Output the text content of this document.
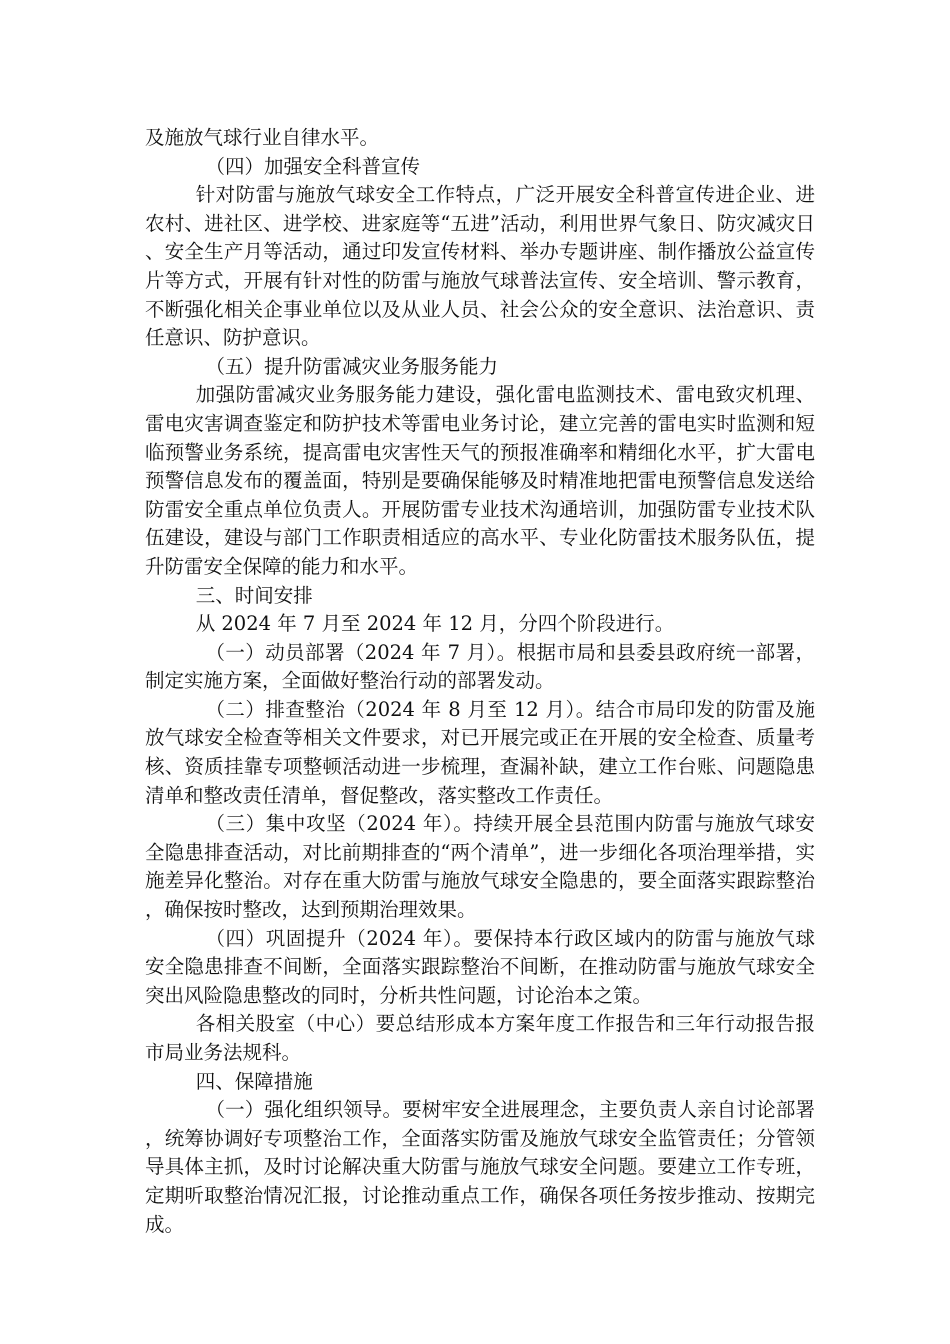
及施放气球行业自律水平。

（四）加强安全科普宣传

针对防雷与施放气球安全工作特点，广泛开展安全科普宣传进企业、进农村、进社区、进学校、进家庭等“五进”活动，利用世界气象日、防灾减灾日、安全生产月等活动，通过印发宣传材料、举办专题讲座、制作播放公益宣传片等方式，开展有针对性的防雷与施放气球普法宣传、安全培训、警示教育，不断强化相关企事业单位以及从业人员、社会公众的安全意识、法治意识、责任意识、防护意识。

（五）提升防雷减灾业务服务能力

加强防雷减灾业务服务能力建设，强化雷电监测技术、雷电致灾机理、雷电灾害调查鉴定和防护技术等雷电业务讨论，建立完善的雷电实时监测和短临预警业务系统，提高雷电灾害性天气的预报准确率和精细化水平，扩大雷电预警信息发布的覆盖面，特别是要确保能够及时精准地把雷电预警信息发送给防雷安全重点单位负责人。开展防雷专业技术沟通培训，加强防雷专业技术队伍建设，建设与部门工作职责相适应的高水平、专业化防雷技术服务队伍，提升防雷安全保障的能力和水平。

三、时间安排

从 2024 年 7 月至 2024 年 12 月，分四个阶段进行。

（一）动员部署（2024 年 7 月）。根据市局和县委县政府统一部署，制定实施方案，全面做好整治行动的部署发动。

（二）排查整治（2024 年 8 月至 12 月）。结合市局印发的防雷及施放气球安全检查等相关文件要求，对已开展完或正在开展的安全检查、质量考核、资质挂靠专项整顿活动进一步梳理，查漏补缺，建立工作台账、问题隐患清单和整改责任清单，督促整改，落实整改工作责任。

（三）集中攻坚（2024 年）。持续开展全县范围内防雷与施放气球安全隐患排查活动，对比前期排查的“两个清单”，进一步细化各项治理举措，实施差异化整治。对存在重大防雷与施放气球安全隐患的，要全面落实跟踪整治，确保按时整改，达到预期治理效果。

（四）巩固提升（2024 年）。要保持本行政区域内的防雷与施放气球安全隐患排查不间断，全面落实跟踪整治不间断，在推动防雷与施放气球安全突出风险隐患整改的同时，分析共性问题，讨论治本之策。

各相关股室（中心）要总结形成本方案年度工作报告和三年行动报告报市局业务法规科。

四、保障措施

（一）强化组织领导。要树牢安全进展理念，主要负责人亲自讨论部署，统筹协调好专项整治工作，全面落实防雷及施放气球安全监管责任；分管领导具体主抓，及时讨论解决重大防雷与施放气球安全问题。要建立工作专班，定期听取整治情况汇报，讨论推动重点工作，确保各项任务按步推动、按期完成。
